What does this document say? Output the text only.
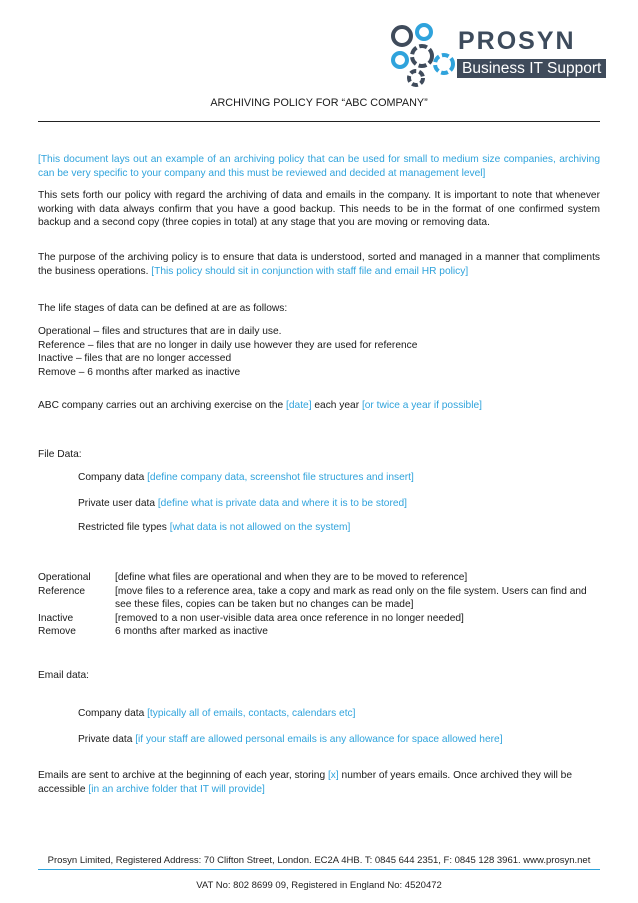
PROSYN
Business IT Support
ARCHIVING POLICY FOR “ABC COMPANY”
[This document lays out an example of an archiving policy that can be used for small to medium size companies, archiving can be very specific to your company and this must be reviewed and decided at management level]
This sets forth our policy with regard the archiving of data and emails in the company. It is important to note that whenever working with data always confirm that you have a good backup. This needs to be in the format of one confirmed system backup and a second copy (three copies in total) at any stage that you are moving or removing data.
The purpose of the archiving policy is to ensure that data is understood, sorted and managed in a manner that compliments the business operations. [This policy should sit in conjunction with staff file and email HR policy]
The life stages of data can be defined at are as follows:
Operational – files and structures that are in daily use.
Reference – files that are no longer in daily use however they are used for reference
Inactive – files that are no longer accessed
Remove – 6 months after marked as inactive
ABC company carries out an archiving exercise on the [date] each year [or twice a year if possible]
File Data:
Company data [define company data, screenshot file structures and insert]
Private user data [define what is private data and where it is to be stored]
Restricted file types [what data is not allowed on the system]
Operational	[define what files are operational and when they are to be moved to reference]
Reference	[move files to a reference area, take a copy and mark as read only on the file system. Users can find and see these files, copies can be taken but no changes can be made]
Inactive	[removed to a non user-visible data area once reference in no longer needed]
Remove	6 months after marked as inactive
Email data:
Company data [typically all of emails, contacts, calendars etc]
Private data [if your staff are allowed personal emails is any allowance for space allowed here]
Emails are sent to archive at the beginning of each year, storing [x] number of years emails. Once archived they will be accessible [in an archive folder that IT will provide]
Prosyn Limited, Registered Address: 70 Clifton Street, London. EC2A 4HB. T: 0845 644 2351, F: 0845 128 3961. www.prosyn.net
VAT No: 802 8699 09, Registered in England No: 4520472
